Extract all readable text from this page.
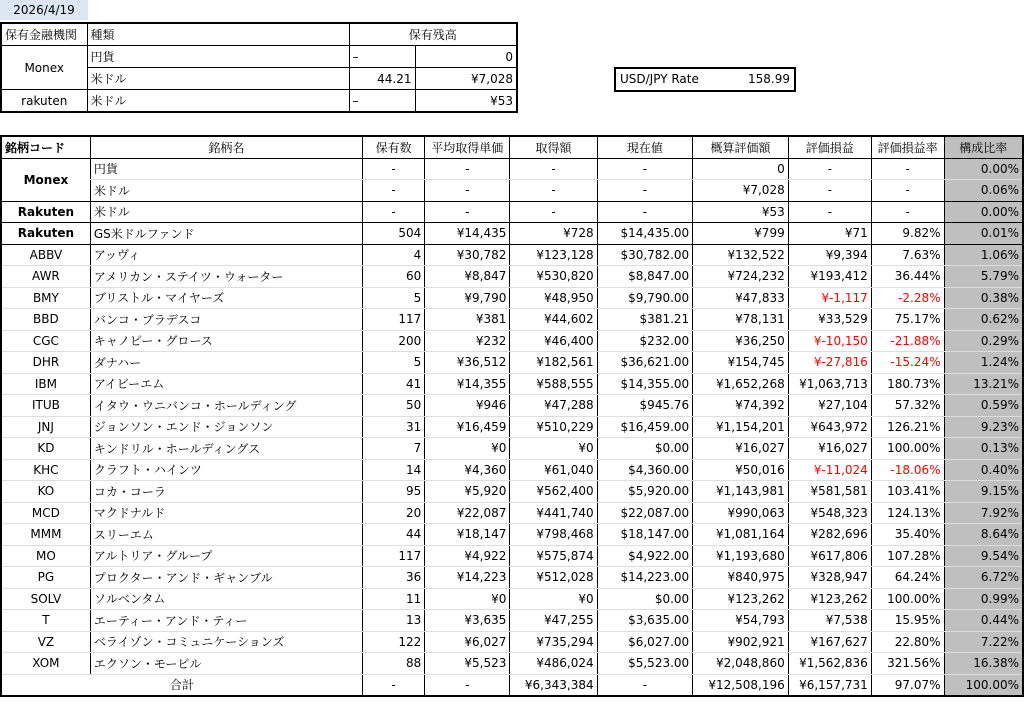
2026/4/19
保有金融機関	種類	保有残高	
Monex	円貨	–	0
	米ドル	44.21	¥7,028
rakuten	米ドル	–	¥53
USD/JPY Rate	158.99
銘柄コード	銘柄名	保有数	平均取得単価	取得額	現在値	概算評価額	評価損益	評価損益率	構成比率
Monex	円貨	-	-	-	-	0	-	-	0.00%
	米ドル	-	-	-	-	¥7,028	-	-	0.06%
Rakuten	米ドル	-	-	-	-	¥53	-	-	0.00%
Rakuten	GS米ドルファンド	504	¥14,435	¥728	$14,435.00	¥799	¥71	9.82%	0.01%
ABBV	アッヴィ	4	¥30,782	¥123,128	$30,782.00	¥132,522	¥9,394	7.63%	1.06%
AWR	アメリカン・ステイツ・ウォーター	60	¥8,847	¥530,820	$8,847.00	¥724,232	¥193,412	36.44%	5.79%
BMY	ブリストル・マイヤーズ	5	¥9,790	¥48,950	$9,790.00	¥47,833	¥-1,117	-2.28%	0.38%
BBD	バンコ・ブラデスコ	117	¥381	¥44,602	$381.21	¥78,131	¥33,529	75.17%	0.62%
CGC	キャノピー・グロース	200	¥232	¥46,400	$232.00	¥36,250	¥-10,150	-21.88%	0.29%
DHR	ダナハー	5	¥36,512	¥182,561	$36,621.00	¥154,745	¥-27,816	-15.24%	1.24%
IBM	アイビーエム	41	¥14,355	¥588,555	$14,355.00	¥1,652,268	¥1,063,713	180.73%	13.21%
ITUB	イタウ・ウニバンコ・ホールディング	50	¥946	¥47,288	$945.76	¥74,392	¥27,104	57.32%	0.59%
JNJ	ジョンソン・エンド・ジョンソン	31	¥16,459	¥510,229	$16,459.00	¥1,154,201	¥643,972	126.21%	9.23%
KD	キンドリル・ホールディングス	7	¥0	¥0	$0.00	¥16,027	¥16,027	100.00%	0.13%
KHC	クラフト・ハインツ	14	¥4,360	¥61,040	$4,360.00	¥50,016	¥-11,024	-18.06%	0.40%
KO	コカ・コーラ	95	¥5,920	¥562,400	$5,920.00	¥1,143,981	¥581,581	103.41%	9.15%
MCD	マクドナルド	20	¥22,087	¥441,740	$22,087.00	¥990,063	¥548,323	124.13%	7.92%
MMM	スリーエム	44	¥18,147	¥798,468	$18,147.00	¥1,081,164	¥282,696	35.40%	8.64%
MO	アルトリア・グループ	117	¥4,922	¥575,874	$4,922.00	¥1,193,680	¥617,806	107.28%	9.54%
PG	プロクター・アンド・ギャンブル	36	¥14,223	¥512,028	$14,223.00	¥840,975	¥328,947	64.24%	6.72%
SOLV	ソルベンタム	11	¥0	¥0	$0.00	¥123,262	¥123,262	100.00%	0.99%
T	エーティー・アンド・ティー	13	¥3,635	¥47,255	$3,635.00	¥54,793	¥7,538	15.95%	0.44%
VZ	ベライゾン・コミュニケーションズ	122	¥6,027	¥735,294	$6,027.00	¥902,921	¥167,627	22.80%	7.22%
XOM	エクソン・モービル	88	¥5,523	¥486,024	$5,523.00	¥2,048,860	¥1,562,836	321.56%	16.38%
合計		-	-	¥6,343,384	-	¥12,508,196	¥6,157,731	97.07%	100.00%
